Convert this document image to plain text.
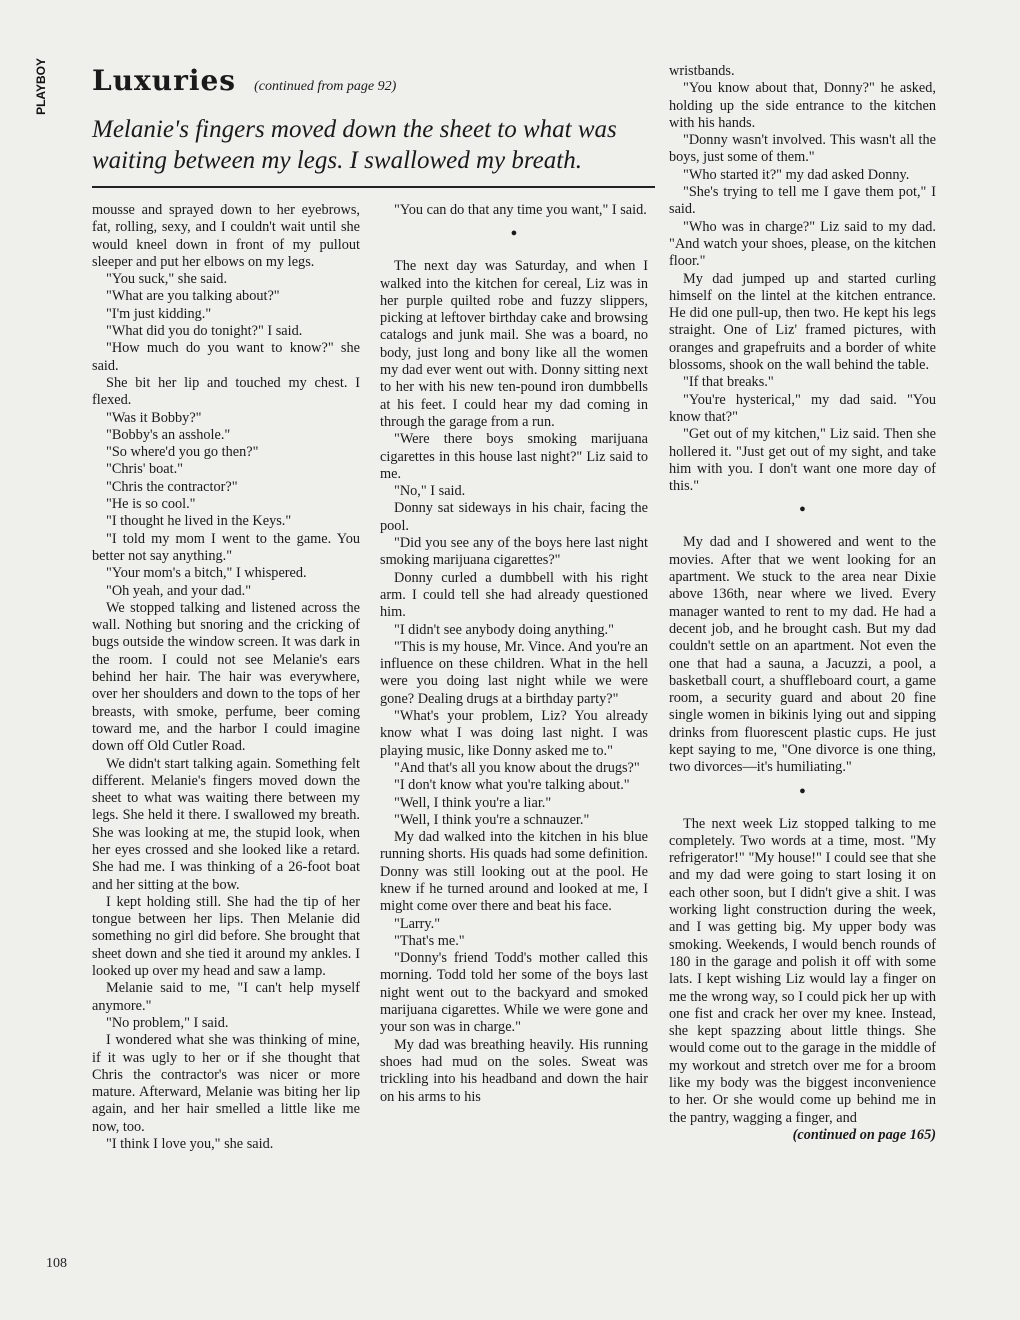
PLAYBOY Luxuries (continued from page 92)
Melanie's fingers moved down the sheet to what was waiting between my legs. I swallowed my breath.

mousse and sprayed down to her eyebrows, fat, rolling, sexy, and I couldn't wait until she would kneel down in front of my pullout sleeper and put her elbows on my legs.

"You suck," she said.

"What are you talking about?"

"I'm just kidding."

"What did you do tonight?" I said.

"How much do you want to know?" she said.

She bit her lip and touched my chest. I flexed.

"Was it Bobby?"

"Bobby's an asshole."

"So where'd you go then?"

"Chris' boat."

"Chris the contractor?"

"He is so cool."

"I thought he lived in the Keys."

"I told my mom I went to the game. You better not say anything."

"Your mom's a bitch," I whispered.

"Oh yeah, and your dad."

We stopped talking and listened across the wall. Nothing but snoring and the cricking of bugs outside the window screen. It was dark in the room. I could not see Melanie's ears behind her hair. The hair was everywhere, over her shoulders and down to the tops of her breasts, with smoke, perfume, beer coming toward me, and the harbor I could imagine down off Old Cutler Road.

We didn't start talking again. Something felt different. Melanie's fingers moved down the sheet to what was waiting there between my legs. She held it there. I swallowed my breath. She was looking at me, the stupid look, when her eyes crossed and she looked like a retard. She had me. I was thinking of a 26-foot boat and her sitting at the bow.

I kept holding still. She had the tip of her tongue between her lips. Then Melanie did something no girl did before. She brought that sheet down and she tied it around my ankles. I looked up over my head and saw a lamp.

Melanie said to me, "I can't help myself anymore."

"No problem," I said.

I wondered what she was thinking of mine, if it was ugly to her or if she thought that Chris the contractor's was nicer or more mature. Afterward, Melanie was biting her lip again, and her hair smelled a little like me now, too.

"I think I love you," she said.

"You can do that any time you want," I said.

●

The next day was Saturday, and when I walked into the kitchen for cereal, Liz was in her purple quilted robe and fuzzy slippers, picking at leftover birthday cake and browsing catalogs and junk mail. She was a board, no body, just long and bony like all the women my dad ever went out with. Donny sitting next to her with his new ten-pound iron dumbbells at his feet. I could hear my dad coming in through the garage from a run.

"Were there boys smoking marijuana cigarettes in this house last night?" Liz said to me.

"No," I said.

Donny sat sideways in his chair, facing the pool.

"Did you see any of the boys here last night smoking marijuana cigarettes?"

Donny curled a dumbbell with his right arm. I could tell she had already questioned him.

"I didn't see anybody doing anything."

"This is my house, Mr. Vince. And you're an influence on these children. What in the hell were you doing last night while we were gone? Dealing drugs at a birthday party?"

"What's your problem, Liz? You already know what I was doing last night. I was playing music, like Donny asked me to."

"And that's all you know about the drugs?"

"I don't know what you're talking about."

"Well, I think you're a liar."

"Well, I think you're a schnauzer."

My dad walked into the kitchen in his blue running shorts. His quads had some definition. Donny was still looking out at the pool. He knew if he turned around and looked at me, I might come over there and beat his face.

"Larry."

"That's me."

"Donny's friend Todd's mother called this morning. Todd told her some of the boys last night went out to the backyard and smoked marijuana cigarettes. While we were gone and your son was in charge."

My dad was breathing heavily. His running shoes had mud on the soles. Sweat was trickling into his headband and down the hair on his arms to his

wristbands.

"You know about that, Donny?" he asked, holding up the side entrance to the kitchen with his hands.

"Donny wasn't involved. This wasn't all the boys, just some of them."

"Who started it?" my dad asked Donny.

"She's trying to tell me I gave them pot," I said.

"Who was in charge?" Liz said to my dad. "And watch your shoes, please, on the kitchen floor."

My dad jumped up and started curling himself on the lintel at the kitchen entrance. He did one pull-up, then two. He kept his legs straight. One of Liz' framed pictures, with oranges and grapefruits and a border of white blossoms, shook on the wall behind the table.

"If that breaks."

"You're hysterical," my dad said. "You know that?"

"Get out of my kitchen," Liz said. Then she hollered it. "Just get out of my sight, and take him with you. I don't want one more day of this."

●

My dad and I showered and went to the movies. After that we went looking for an apartment. We stuck to the area near Dixie above 136th, near where we lived. Every manager wanted to rent to my dad. He had a decent job, and he brought cash. But my dad couldn't settle on an apartment. Not even the one that had a sauna, a Jacuzzi, a pool, a basketball court, a shuffleboard court, a game room, a security guard and about 20 fine single women in bikinis lying out and sipping drinks from fluorescent plastic cups. He just kept saying to me, "One divorce is one thing, two divorces—it's humiliating."

●

The next week Liz stopped talking to me completely. Two words at a time, most. "My refrigerator!" "My house!" I could see that she and my dad were going to start losing it on each other soon, but I didn't give a shit. I was working light construction during the week, and I was getting big. My upper body was smoking. Weekends, I would bench rounds of 180 in the garage and polish it off with some lats. I kept wishing Liz would lay a finger on me the wrong way, so I could pick her up with one fist and crack her over my knee. Instead, she kept spazzing about little things. She would come out to the garage in the middle of my workout and stretch over me for a broom like my body was the biggest inconvenience to her. Or she would come up behind me in the pantry, wagging a finger, and

(continued on page 165)

108
